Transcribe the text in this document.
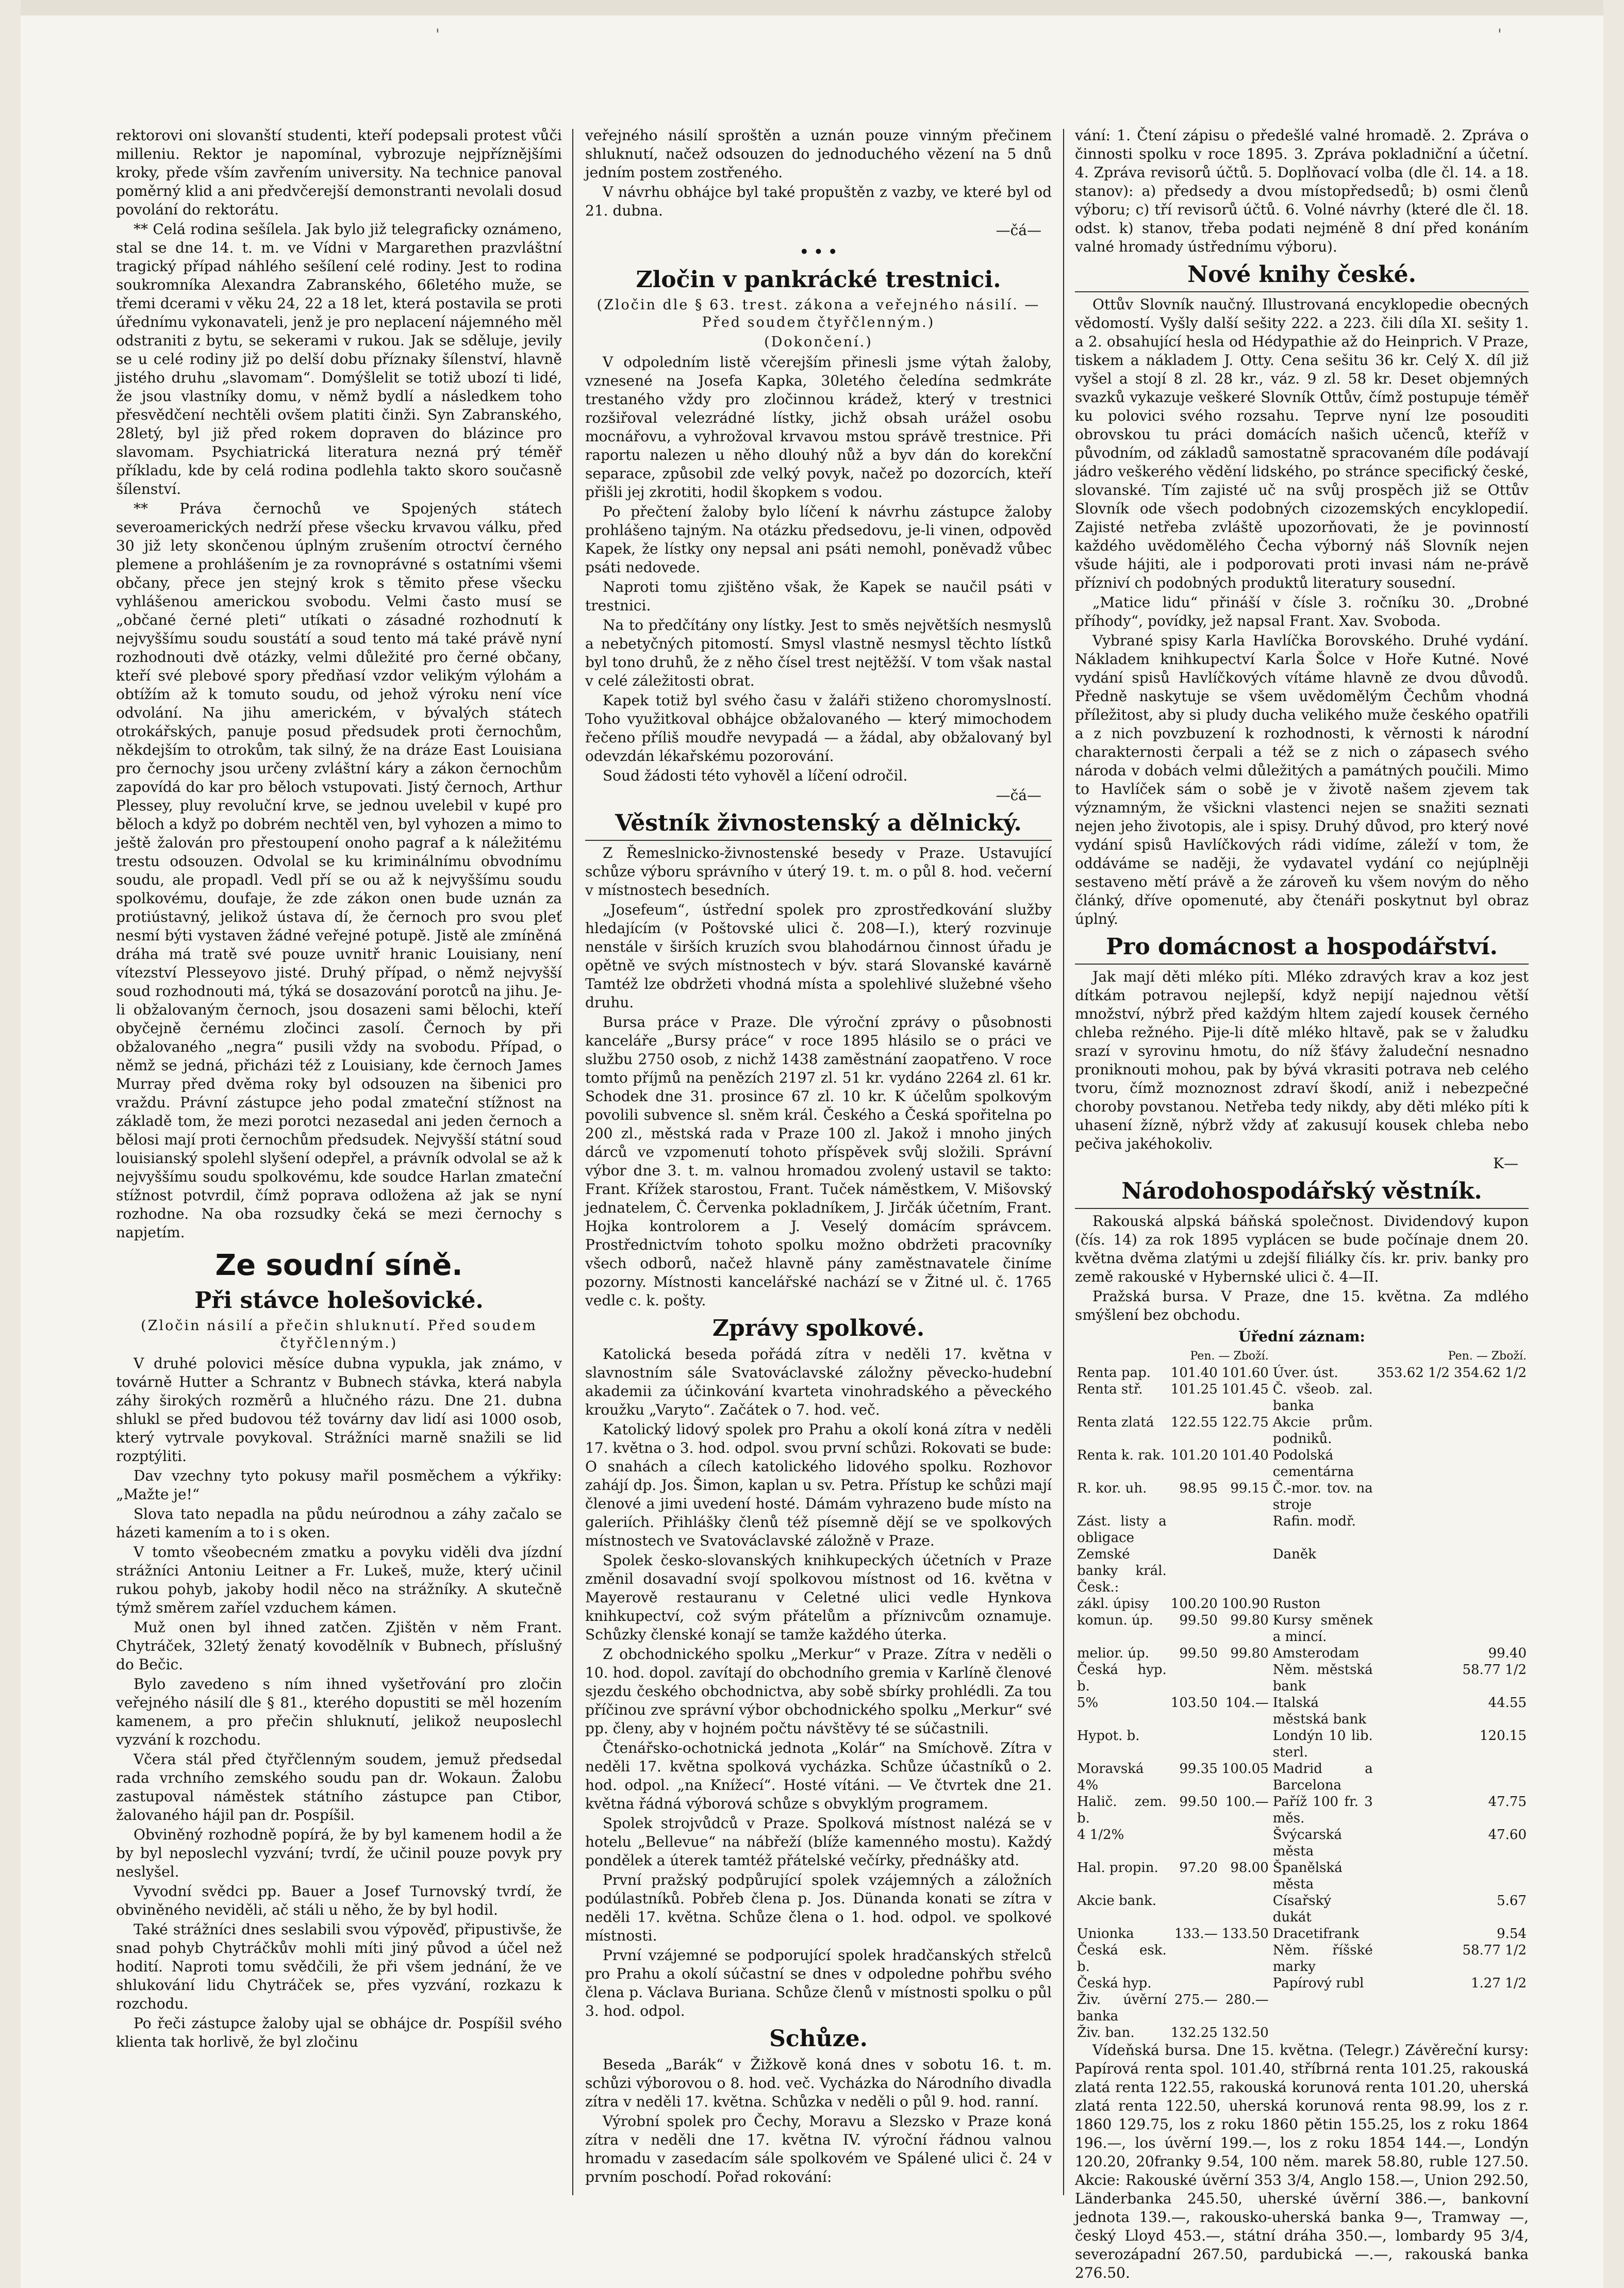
'	'

rektorovi oni slovanští studenti, kteří podepsali protest vůči milleniu. Rektor je napomínal, vybrozuje nejpříznějšími kroky, přede vším zavřením university. Na technice panoval poměrný klid a ani předvčerejší demonstranti nevolali dosud povolání do rektorátu.

** Celá rodina sešílela. Jak bylo již telegraficky oznámeno, stal se dne 14. t. m. ve Vídni v Margarethen prazvláštní tragický případ náhlého sešílení celé rodiny. Jest to rodina soukromníka Alexandra Zabranského, 66letého muže, se třemi dcerami v věku 24, 22 a 18 let, která postavila se proti úřednímu vykonavateli, jenž je pro neplacení nájemného měl odstraniti z bytu, se sekerami v rukou. Jak se sděluje, jevily se u celé rodiny již po delší dobu příznaky šílenství, hlavně jistého druhu „slavomam“. Domýšlelit se totiž ubozí ti lidé, že jsou vlastníky domu, v němž bydlí a následkem toho přesvědčení nechtěli ovšem platiti činži. Syn Zabranského, 28letý, byl již před rokem dopraven do blázince pro slavomam. Psychiatrická literatura nezná prý téměř příkladu, kde by celá rodina podlehla takto skoro současně šílenství.

** Práva černochů ve Spojených státech severoamerických nedrží přese všecku krvavou válku, před 30 již lety skončenou úplným zrušením otroctví černého plemene a prohlášením je za rovnoprávné s ostatními všemi občany, přece jen stejný krok s těmito přese všecku vyhlášenou americkou svobodu. Velmi často musí se „občané černé pleti“ utíkati o zásadné rozhodnutí k nejvyššímu soudu soustátí a soud tento má také právě nyní rozhodnouti dvě otázky, velmi důležité pro černé občany, kteří své plebové spory předňasí vzdor velikým výlohám a obtížím až k tomuto soudu, od jehož výroku není více odvolání. Na jihu americkém, v bývalých státech otrokářských, panuje posud předsudek proti černochům, někdejším to otrokům, tak silný, že na dráze East Louisiana pro černochy jsou určeny zvláštní káry a zákon černochům zapovídá do kar pro běloch vstupovati. Jistý černoch, Arthur Plessey, pluy revoluční krve, se jednou uvelebil v kupé pro běloch a když po dobrém nechtěl ven, byl vyhozen a mimo to ještě žalován pro přestoupení onoho pagraf a k náležitému trestu odsouzen. Odvolal se ku kriminálnímu obvodnímu soudu, ale propadl. Vedl pří se ou až k nejvyššímu soudu spolkovému, doufaje, že zde zákon onen bude uznán za protiústavný, jelikož ústava dí, že černoch pro svou pleť nesmí býti vystaven žádné veřejné potupě. Jistě ale zmíněná dráha má tratě své pouze uvnitř hranic Louisiany, není vítezství Plesseyovo jisté. Druhý případ, o němž nejvyšší soud rozhodnouti má, týká se dosazování porotců na jihu. Je-li obžalovaným černoch, jsou dosazeni sami bělochi, kteří obyčejně černému zločinci zasolí. Černoch by při obžalovaného „negra“ pusili vždy na svobodu. Případ, o němž se jedná, přicházi též z Louisiany, kde černoch James Murray před dvěma roky byl odsouzen na šibenici pro vraždu. Právní zástupce jeho podal zmateční stížnost na základě tom, že mezi porotci nezasedal ani jeden černoch a bělosi mají proti černochům předsudek. Nejvyšší státní soud louisianský spolehl slyšení odepřel, a právník odvolal se až k nejvyššímu soudu spolkovému, kde soudce Harlan zmateční stížnost potvrdil, čímž poprava odložena až jak se nyní rozhodne. Na oba rozsudky čeká se mezi černochy s napjetím.

Ze soudní síně.
Při stávce holešovické.
(Zločin násilí a přečin shluknutí. Před soudem čtyřčlenným.)

V druhé polovici měsíce dubna vypukla, jak známo, v továrně Hutter a Schrantz v Bubnech stávka, která nabyla záhy širokých rozměrů a hlučného rázu. Dne 21. dubna shlukl se před budovou též továrny dav lidí asi 1000 osob, který vytrvale povykoval. Strážníci marně snažili se lid rozptýliti.

Dav vzechny tyto pokusy mařil posměchem a výkřiky: „Mažte je!“

Slova tato nepadla na půdu neúrodnou a záhy začalo se házeti kamením a to i s oken.

V tomto všeobecném zmatku a povyku viděli dva jízdní strážníci Antoniu Leitner a Fr. Lukeš, muže, který učinil rukou pohyb, jakoby hodil něco na strážníky. A skutečně týmž směrem zaříel vzduchem kámen.

Muž onen byl ihned zatčen. Zjištěn v něm Frant. Chytráček, 32letý ženatý kovodělník v Bubnech, příslušný do Bečic.

Bylo zavedeno s ním ihned vyšetřování pro zločin veřejného násilí dle § 81., kterého dopustiti se měl hozením kamenem, a pro přečin shluknutí, jelikož neuposlechl vyzvání k rozchodu.

Včera stál před čtyřčlenným soudem, jemuž předsedal rada vrchního zemského soudu pan dr. Wokaun. Žalobu zastupoval náměstek státního zástupce pan Ctibor, žalovaného hájil pan dr. Pospíšil.

Obviněný rozhodně popírá, že by byl kamenem hodil a že by byl neposlechl vyzvání; tvrdí, že učinil pouze povyk pry neslyšel.

Vyvodní svědci pp. Bauer a Josef Turnovský tvrdí, že obviněného neviděli, ač stáli u něho, že by byl hodil.

Také strážníci dnes seslabili svou výpověď, připustivše, že snad pohyb Chytráčkův mohli míti jiný původ a účel než hodití. Naproti tomu svědčili, že při všem jednání, že ve shlukování lidu Chytráček se, přes vyzvání, rozkazu k rozchodu.

Po řeči zástupce žaloby ujal se obhájce dr. Pospíšil svého klienta tak horlivě, že byl zločinu

veřejného násilí sproštěn a uznán pouze vinným přečinem shluknutí, načež odsouzen do jednoduchého vězení na 5 dnů jedním postem zostřeného.

V návrhu obhájce byl také propuštěn z vazby, ve které byl od 21. dubna.

—čá—
• • •
Zločin v pankrácké trestnici.
(Zločin dle § 63. trest. zákona a veřejného násilí. — Před soudem čtyřčlenným.)
(Dokončení.)

V odpoledním listě včerejším přinesli jsme výtah žaloby, vznesené na Josefa Kapka, 30letého čeledína sedmkráte trestaného vždy pro zločinnou krádež, který v trestnici rozšiřoval velezrádné lístky, jichž obsah urážel osobu mocnářovu, a vyhrožoval krvavou mstou správě trestnice. Při raportu nalezen u něho dlouhý nůž a byv dán do korekční separace, způsobil zde velký povyk, načež po dozorcích, kteří přišli jej zkrotiti, hodil škopkem s vodou.

Po přečtení žaloby bylo líčení k návrhu zástupce žaloby prohlášeno tajným. Na otázku předsedovu, je-li vinen, odpověd Kapek, že lístky ony nepsal ani psáti nemohl, poněvadž vůbec psáti nedovede.

Naproti tomu zjištěno však, že Kapek se naučil psáti v trestnici.

Na to předčítány ony lístky. Jest to směs největších nesmyslů a nebetyčných pitomostí. Smysl vlastně nesmysl těchto lístků byl tono druhů, že z něho čísel trest nejtěžší. V tom však nastal v celé záležitosti obrat.

Kapek totiž byl svého času v žaláři stiženo choromyslností. Toho využitkoval obhájce obžalovaného — který mimochodem řečeno příliš moudře nevypadá — a žádal, aby obžalovaný byl odevzdán lékařskému pozorování.

Soud žádosti této vyhověl a líčení odročil.

—čá—
Věstník živnostenský a dělnický.

Z Řemeslnicko-živnostenské besedy v Praze. Ustavující schůze výboru správního v úterý 19. t. m. o půl 8. hod. večerní v místnostech besedních.

„Josefeum“, ústřední spolek pro zprostředkování služby hledajícím (v Poštovské ulici č. 208—I.), který rozvinuje nenstále v širších kruzích svou blahodárnou činnost úřadu je opětně ve svých místnostech v býv. stará Slovanské kavárně Tamtéž lze obdržeti vhodná místa a spolehlivé služebné všeho druhu.

Bursa práce v Praze. Dle výroční zprávy o působnosti kanceláře „Bursy práce“ v roce 1895 hlásilo se o práci ve službu 2750 osob, z nichž 1438 zaměstnání zaopatřeno. V roce tomto příjmů na penězích 2197 zl. 51 kr. vydáno 2264 zl. 61 kr. Schodek dne 31. prosince 67 zl. 10 kr. K účelům spolkovým povolili subvence sl. sněm král. Českého a Česká spořitelna po 200 zl., městská rada v Praze 100 zl. Jakož i mnoho jiných dárců ve vzpomenutí tohoto příspěvek svůj složili. Správní výbor dne 3. t. m. valnou hromadou zvolený ustavil se takto: Frant. Křížek starostou, Frant. Tuček náměstkem, V. Mišovský jednatelem, Č. Červenka pokladníkem, J. Jirčák účetním, Frant. Hojka kontrolorem a J. Veselý domácím správcem. Prostřednictvím tohoto spolku možno obdržeti pracovníky všech odborů, načež hlavně pány zaměstnavatele činíme pozorny. Místnosti kancelářské nachází se v Žitné ul. č. 1765 vedle c. k. pošty.

Zprávy spolkové.

Katolická beseda pořádá zítra v neděli 17. května v slavnostním sále Svatováclavské záložny pěvecko-hudební akademii za účinkování kvarteta vinohradského a pěveckého kroužku „Varyto“. Začátek o 7. hod. več.

Katolický lidový spolek pro Prahu a okolí koná zítra v neděli 17. května o 3. hod. odpol. svou první schůzi. Rokovati se bude: O snahách a cílech katolického lidového spolku. Rozhovor zahájí dp. Jos. Šimon, kaplan u sv. Petra. Přístup ke schůzi mají členové a jimi uvedení hosté. Dámám vyhrazeno bude místo na galeriích. Přihlášky členů též písemně dějí se ve spolkových místnostech ve Svatováclavské záložně v Praze.

Spolek česko-slovanských knihkupeckých účetních v Praze změnil dosavadní svojí spolkovou místnost od 16. května v Mayerově restauranu v Celetné ulici vedle Hynkova knihkupectví, což svým přátelům a příznivcům oznamuje. Schůzky členské konají se tamže každého úterka.

Z obchodnického spolku „Merkur“ v Praze. Zítra v neděli o 10. hod. dopol. zavítají do obchodního gremia v Karlíně členové sjezdu českého obchodnictva, aby sobě sbírky prohlédli. Za tou příčinou zve správní výbor obchodnického spolku „Merkur“ své pp. členy, aby v hojném počtu návštěvy té se súčastnili.

Čtenářsko-ochotnická jednota „Kolár“ na Smíchově. Zítra v neděli 17. května spolková vycházka. Schůze účastníků o 2. hod. odpol. „na Knížecí“. Hosté vítáni. — Ve čtvrtek dne 21. května řádná výborová schůze s obvyklým programem.

Spolek strojvůdců v Praze. Spolková místnost nalézá se v hotelu „Bellevue“ na nábřeží (blíže kamenného mostu). Každý pondělek a úterek tamtéž přátelské večírky, přednášky atd.

První pražský podpůrující spolek vzájemných a záložních podúlastníků. Pobřeb člena p. Jos. Dünanda konati se zítra v neděli 17. května. Schůze člena o 1. hod. odpol. ve spolkové místnosti.

První vzájemné se podporující spolek hradčanských střelců pro Prahu a okolí súčastní se dnes v odpoledne pohřbu svého člena p. Václava Buriana. Schůze členů v místnosti spolku o půl 3. hod. odpol.

Schůze.

Beseda „Barák“ v Žižkově koná dnes v sobotu 16. t. m. schůzi výborovou o 8. hod. več. Vycházka do Národního divadla zítra v neděli 17. května. Schůzka v neděli o půl 9. hod. ranní.

Výrobní spolek pro Čechy, Moravu a Slezsko v Praze koná zítra v neděli dne 17. května IV. výroční řádnou valnou hromadu v zasedacím sále spolkovém ve Spálené ulici č. 24 v prvním poschodí. Pořad rokování:

vání: 1. Čtení zápisu o předešlé valné hromadě. 2. Zpráva o činnosti spolku v roce 1895. 3. Zpráva pokladniční a účetní. 4. Zpráva revisorů účtů. 5. Doplňovací volba (dle čl. 14. a 18. stanov): a) předsedy a dvou místopředsedů; b) osmi členů výboru; c) tří revisorů účtů. 6. Volné návrhy (které dle čl. 18. odst. k) stanov, třeba podati nejméně 8 dní před konáním valné hromady ústřednímu výboru).

Nové knihy české.

Ottův Slovník naučný. Illustrovaná encyklopedie obecných vědomostí. Vyšly další sešity 222. a 223. čili díla XI. sešity 1. a 2. obsahující hesla od Hédypathie až do Heinprich. V Praze, tiskem a nákladem J. Otty. Cena sešitu 36 kr. Celý X. díl již vyšel a stojí 8 zl. 28 kr., váz. 9 zl. 58 kr. Deset objemných svazků vykazuje veškeré Slovník Ottův, čímž postupuje téměř ku polovici svého rozsahu. Teprve nyní lze posouditi obrovskou tu práci domácích našich učenců, kteříž v původním, od základů samostatně spracovaném díle podávají jádro veškerého vědění lidského, po stránce specifický české, slovanské. Tím zajisté uč na svůj prospěch již se Ottův Slovník ode všech podobných cizozemských encyklopedií. Zajisté netřeba zvláště upozorňovati, že je povinností každého uvědomělého Čecha výborný náš Slovník nejen všude hájiti, ale i podporovati proti invasi nám ne-právě přízniví ch podobných produktů literatury sousední.

„Matice lidu“ přináší v čísle 3. ročníku 30. „Drobné příhody“, povídky, jež napsal Frant. Xav. Svoboda.

Vybrané spisy Karla Havlíčka Borovského. Druhé vydání. Nákladem knihkupectví Karla Šolce v Hoře Kutné. Nové vydání spisů Havlíčkových vítáme hlavně ze dvou důvodů. Předně naskytuje se všem uvědomělým Čechům vhodná příležitost, aby si pludy ducha velikého muže českého opatřili a z nich povzbuzení k rozhodnosti, k věrnosti k národní charakternosti čerpali a též se z nich o zápasech svého národa v dobách velmi důležitých a památných poučili. Mimo to Havlíček sám o sobě je v životě našem zjevem tak významným, že všickni vlastenci nejen se snažiti seznati nejen jeho životopis, ale i spisy. Druhý důvod, pro který nové vydání spisů Havlíčkových rádi vidíme, záleží v tom, že oddáváme se naději, že vydavatel vydání co nejúplněji sestaveno mětí právě a že zároveň ku všem novým do něho článký, dříve opomenuté, aby čtenáři poskytnut byl obraz úplný.

Pro domácnost a hospodářství.

Jak mají děti mléko píti. Mléko zdravých krav a koz jest dítkám potravou nejlepší, když nepijí najednou větší množství, nýbrž před každým hltem zajedí kousek černého chleba režného. Pije-li dítě mléko hltavě, pak se v žaludku srazí v syrovinu hmotu, do níž šťávy žaludeční nesnadno proniknouti mohou, pak by bývá vkrasiti potrava neb celého tvoru, čímž moznoznost zdraví škodí, aniž i nebezpečné choroby povstanou. Netřeba tedy nikdy, aby děti mléko píti k uhasení žízně, nýbrž vždy ať zakusují kousek chleba nebo pečiva jakéhokoliv.

K—
Národohospodářský věstník.

Rakouská alpská báňská společnost. Dividendový kupon (čís. 14) za rok 1895 vyplácen se bude počínaje dnem 20. května dvěma zlatými u zdejší filiálky čís. kr. priv. banky pro země rakouské v Hybernské ulici č. 4—II.

Pražská bursa. V Praze, dne 15. května. Za mdlého smýšlení bez obchodu.

Úřední záznam:
Pen. — Zboží.			Pen. — Zboží.		
Renta pap.	101.40	101.60	Úver. úst.	353.62 1/2	354.62 1/2
Renta stř.	101.25	101.45	Č. všeob. zal. banka		
Renta zlatá	122.55	122.75	Akcie prům. podniků.		
Renta k. rak.	101.20	101.40	Podolská cementárna		
R. kor. uh.	98.95	99.15	Č.-mor. tov. na stroje		
Zást. listy a obligace			Rafin. modř.		
Zemské banky král. Česk.:			Daněk		
zákl. úpisy	100.20	100.90	Ruston		
komun. úp.	99.50	99.80	Kursy směnek a mincí.		
melior. úp.	99.50	99.80	Amsterodam		99.40
Česká hyp. b.			Něm. městská bank		58.77 1/2
5%	103.50	104.—	Italská městská bank		44.55
Hypot. b.			Londýn 10 lib. sterl.		120.15
Moravská 4%	99.35	100.05	Madrid a Barcelona		
Halič. zem. b.	99.50	100.—	Paříž 100 fr. 3 měs.		47.75
4 1/2%			Švýcarská města		47.60
Hal. propin.	97.20	98.00	Španělská města		
Akcie bank.			Císařský dukát		5.67
Unionka	133.—	133.50	Dracetifrank		9.54
Česká esk. b.			Něm. říšské marky		58.77 1/2
Česká hyp.			Papírový rubl		1.27 1/2
Živ. úvěrní banka	275.—	280.—			
Živ. ban.	132.25	132.50			

Vídeňská bursa. Dne 15. května. (Telegr.) Závěreční kursy: Papírová renta spol. 101.40, stříbrná renta 101.25, rakouská zlatá renta 122.55, rakouská korunová renta 101.20, uherská zlatá renta 122.50, uherská korunová renta 98.99, los z r. 1860 129.75, los z roku 1860 pětin 155.25, los z roku 1864 196.—, los úvěrní 199.—, los z roku 1854 144.—, Londýn 120.20, 20franky 9.54, 100 něm. marek 58.80, ruble 127.50. Akcie: Rakouské úvěrní 353 3/4, Anglo 158.—, Union 292.50, Länderbanka 245.50, uherské úvěrní 386.—, bankovní jednota 139.—, rakousko-uherská banka 9—, Tramway —, český Lloyd 453.—, státní dráha 350.—, lombardy 95 3/4, severozápadní 267.50, pardubická —.—, rakouská banka 276.50.
